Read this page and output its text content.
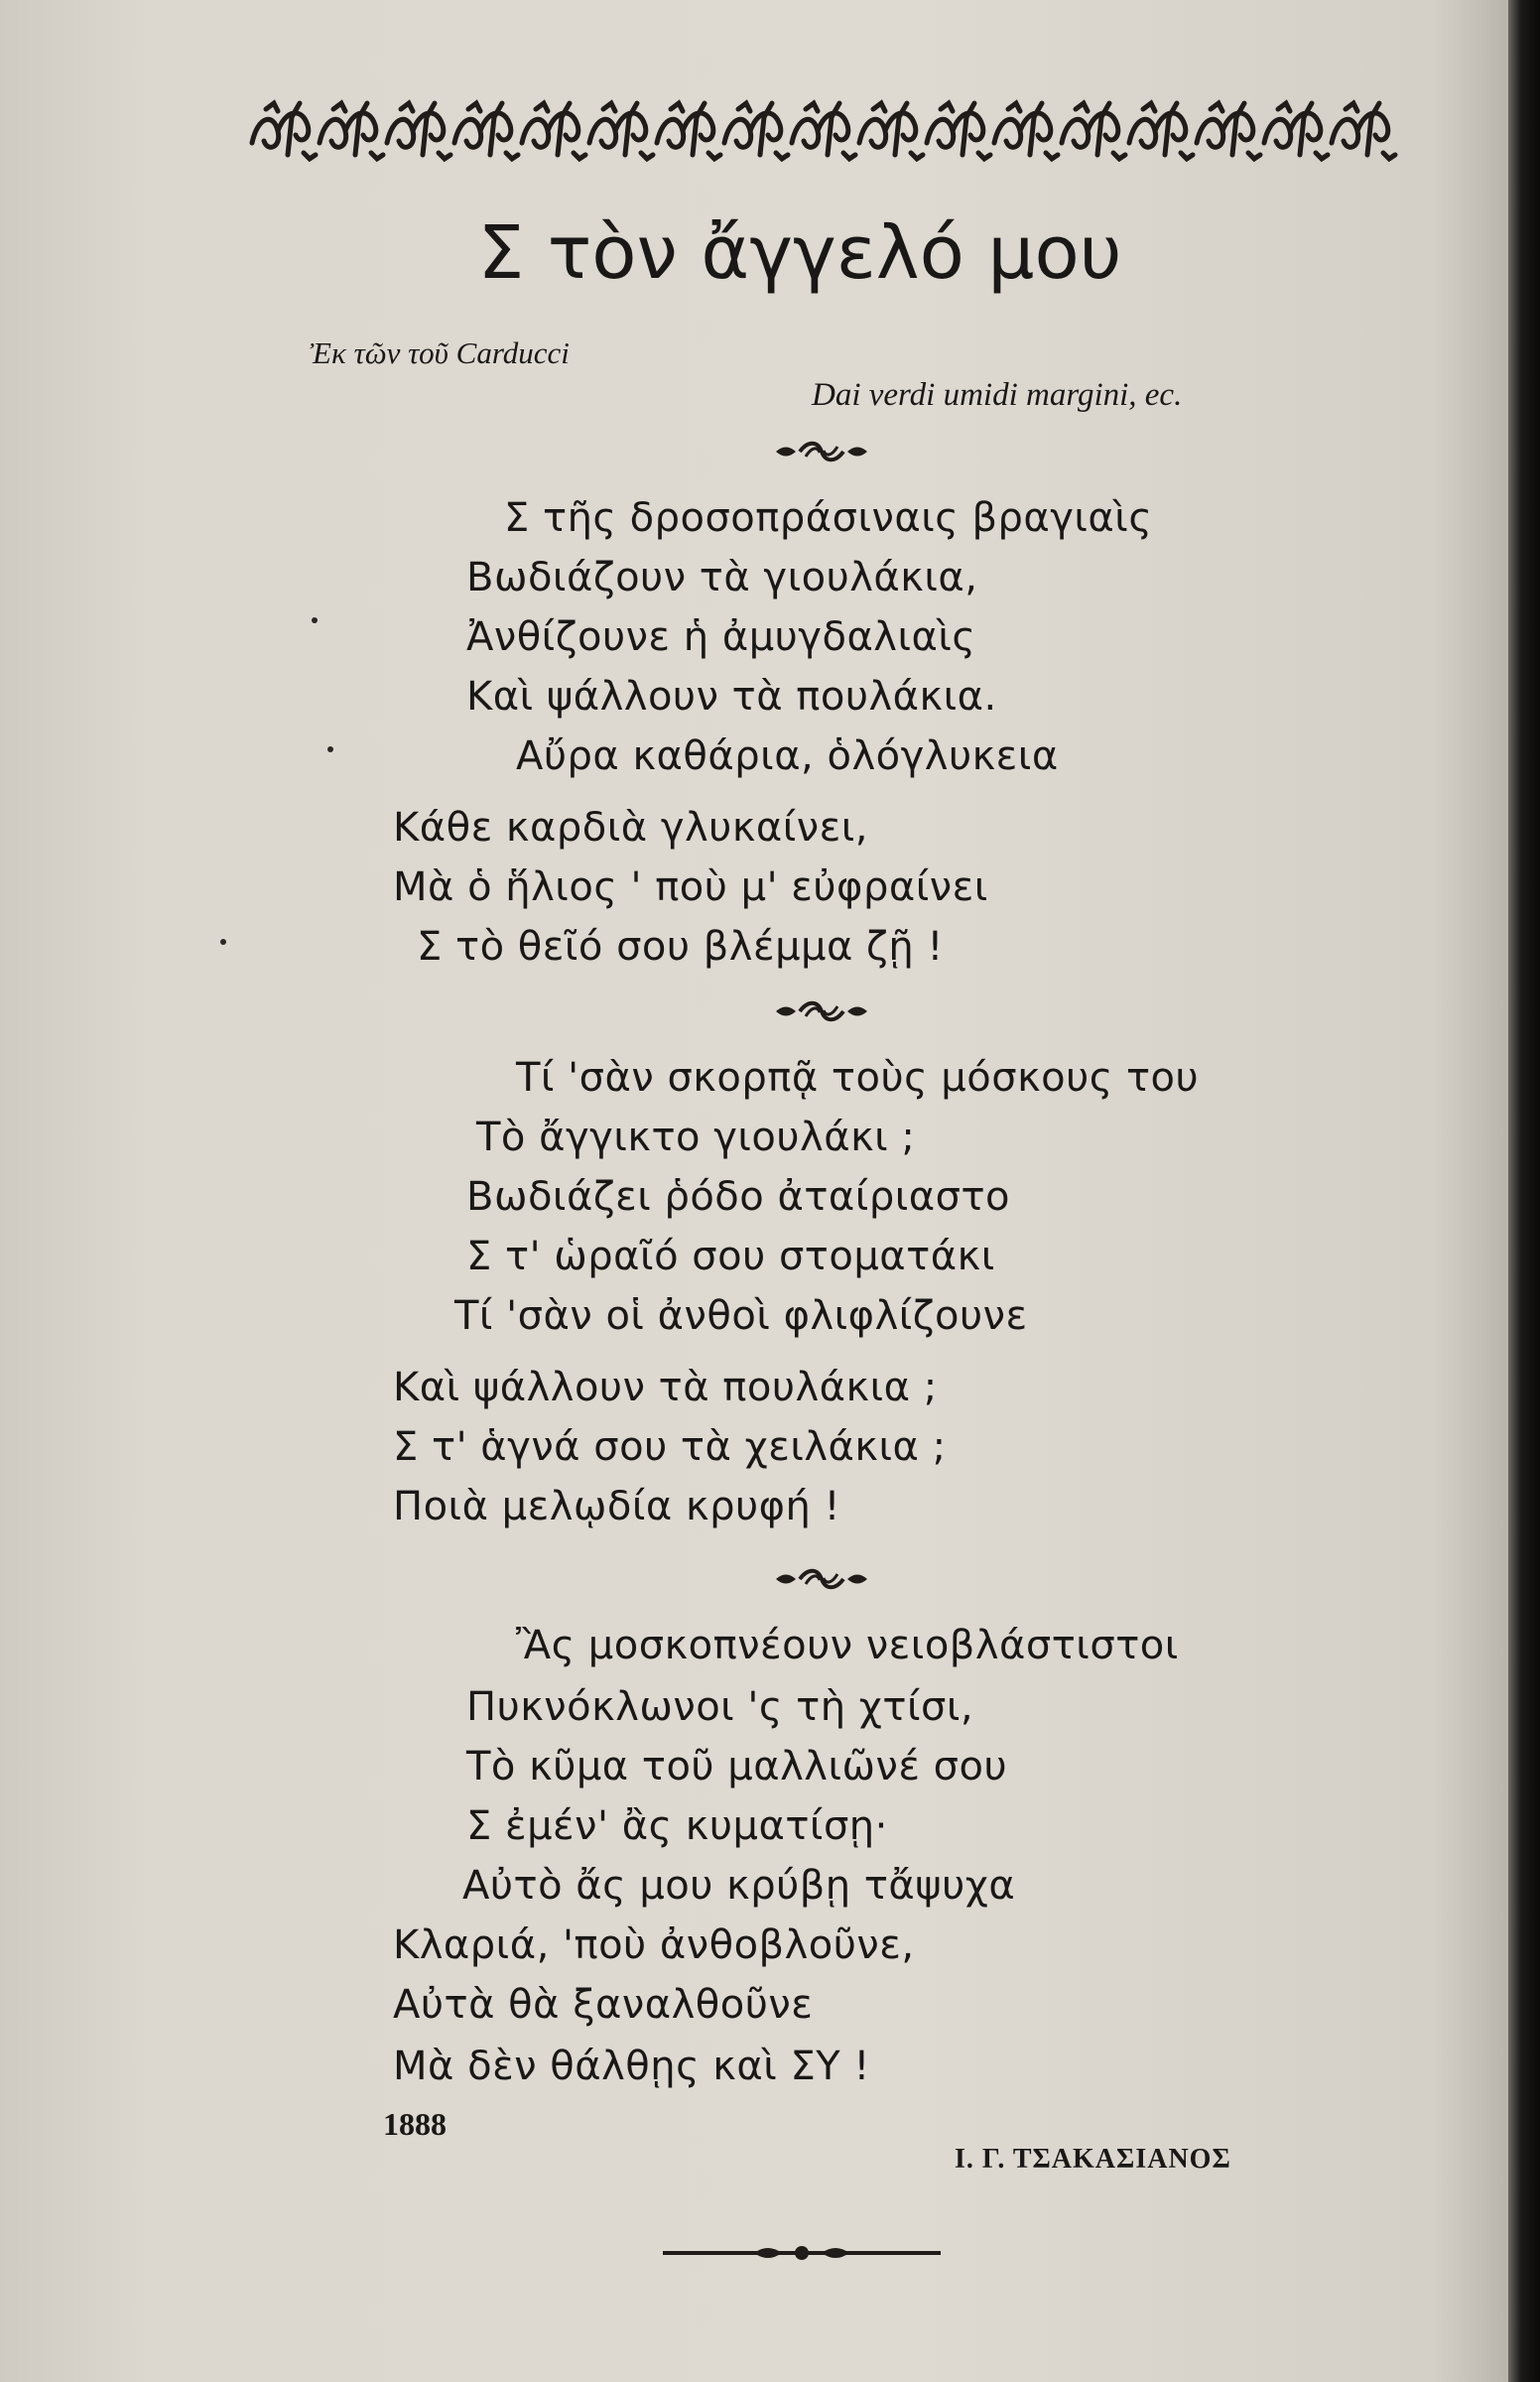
Σ τὸν ἄγγελό μου
Ἐκ τῶν τοῦ Carducci
Dai verdi umidi margini, ec.
Σ τῆς δροσοπράσιναις βραγιαὶς
Βωδιάζουν τὰ γιουλάκια,
Ἀνθίζουνε ἡ ἀμυγδαλιαὶς
Καὶ ψάλλουν τὰ πουλάκια.
Αὔρα καθάρια, ὁλόγλυκεια
Κάθε καρδιὰ γλυκαίνει,
Μὰ ὁ ἥλιος ' ποὺ μ' εὐφραίνει
Σ τὸ θεῖό σου βλέμμα ζῇ !
Τί 'σὰν σκορπᾷ τοὺς μόσκους του
Τὸ ἄγγικτο γιουλάκι ;
Βωδιάζει ῥόδο ἀταίριαστο
Σ τ' ὡραῖό σου στοματάκι
Τί 'σὰν οἱ ἀνθοὶ φλιφλίζουνε
Καὶ ψάλλουν τὰ πουλάκια ;
Σ τ' ἁγνά σου τὰ χειλάκια ;
Ποιὰ μελῳδία κρυφή !
Ἂς μοσκοπνέουν νειοβλάστιστοι
Πυκνόκλωνοι 'ς τὴ χτίσι,
Τὸ κῦμα τοῦ μαλλιῶνέ σου
Σ ἐμέν' ἂς κυματίσῃ·
Αὐτὸ ἄς μου κρύβῃ τἄψυχα
Κλαριά, 'ποὺ ἀνθοβλοῦνε,
Αὐτὰ θὰ ξαναλθοῦνε
Μὰ δὲν θάλθῃς καὶ ΣΥ !
1888
Ι. Γ. ΤΣΑΚΑΣΙΑΝΟΣ
